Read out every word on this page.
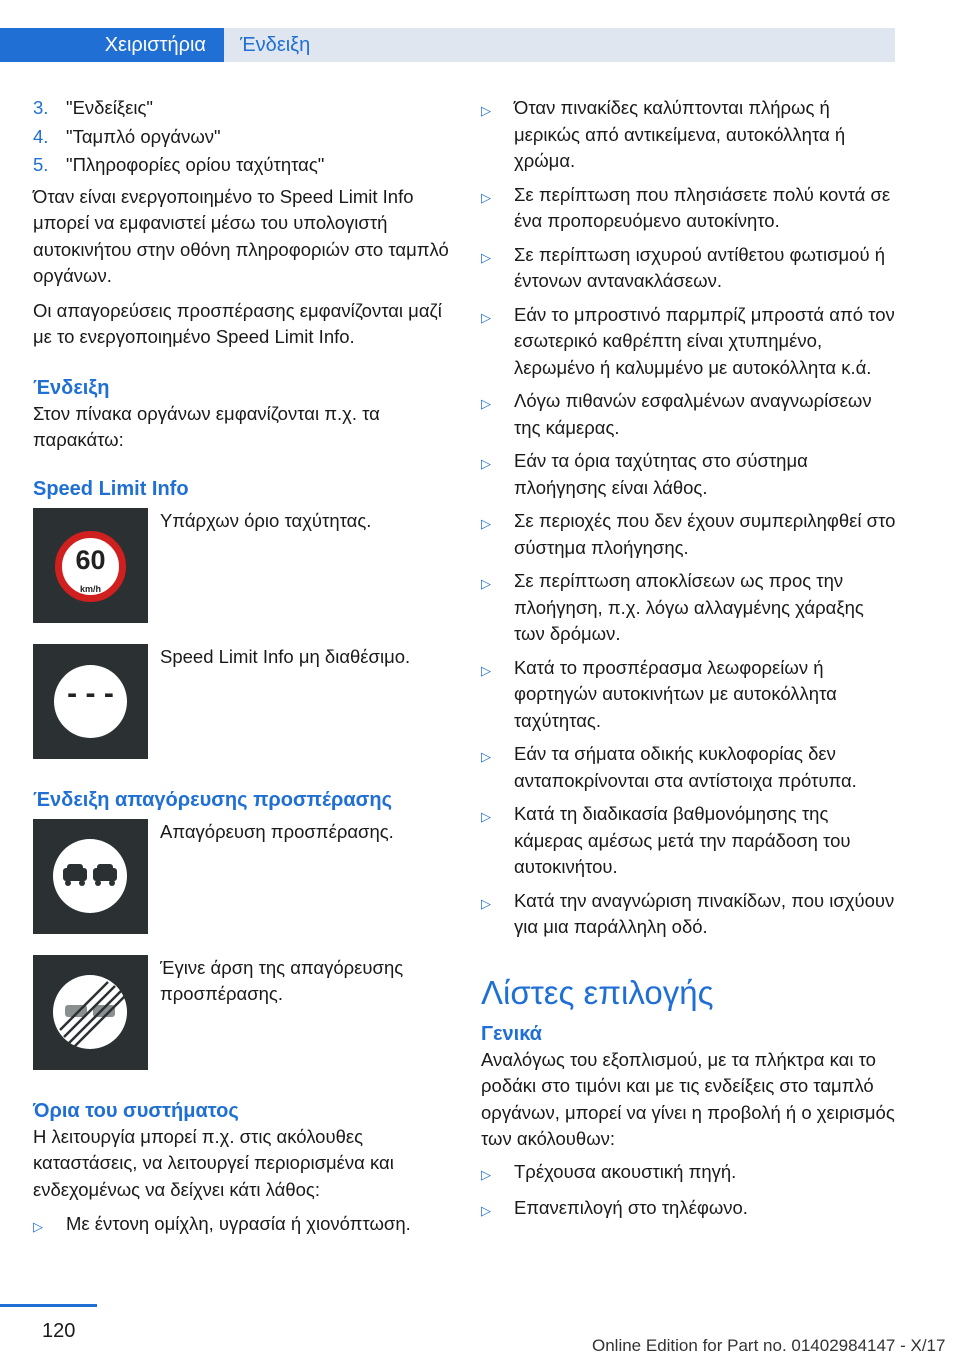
Χειριστήρια	Ένδειξη
3. "Ενδείξεις"
4. "Ταμπλό οργάνων"
5. "Πληροφορίες ορίου ταχύτητας"

Όταν είναι ενεργοποιημένο το Speed Limit Info μπορεί να εμφανιστεί μέσω του υπολογιστή αυτοκινήτου στην οθόνη πληροφοριών στο ταμπλό οργάνων.

Οι απαγορεύσεις προσπέρασης εμφανίζονται μαζί με το ενεργοποιημένο Speed Limit Info.

Ένδειξη

Στον πίνακα οργάνων εμφανίζονται π.χ. τα παρακάτω:

Speed Limit Info
60
km/h
Υπάρχων όριο ταχύτητας.
- - -
Speed Limit Info μη διαθέσιμο.
Ένδειξη απαγόρευσης προσπέρασης
Απαγόρευση προσπέρασης.
Έγινε άρση της απαγόρευσης προσπέρασης.
Όρια του συστήματος

Η λειτουργία μπορεί π.χ. στις ακόλουθες καταστάσεις, να λειτουργεί περιορισμένα και ενδεχομένως να δείχνει κάτι λάθος:

▷	Με έντονη ομίχλη, υγρασία ή χιονόπτωση.
▷	Όταν πινακίδες καλύπτονται πλήρως ή μερικώς από αντικείμενα, αυτοκόλλητα ή χρώμα.
▷	Σε περίπτωση που πλησιάσετε πολύ κοντά σε ένα προπορευόμενο αυτοκίνητο.
▷	Σε περίπτωση ισχυρού αντίθετου φωτισμού ή έντονων αντανακλάσεων.
▷	Εάν το μπροστινό παρμπρίζ μπροστά από τον εσωτερικό καθρέπτη είναι χτυπημένο, λερωμένο ή καλυμμένο με αυτοκόλλητα κ.ά.
▷	Λόγω πιθανών εσφαλμένων αναγνωρίσεων της κάμερας.
▷	Εάν τα όρια ταχύτητας στο σύστημα πλοήγησης είναι λάθος.
▷	Σε περιοχές που δεν έχουν συμπεριληφθεί στο σύστημα πλοήγησης.
▷	Σε περίπτωση αποκλίσεων ως προς την πλοήγηση, π.χ. λόγω αλλαγμένης χάραξης των δρόμων.
▷	Κατά το προσπέρασμα λεωφορείων ή φορτηγών αυτοκινήτων με αυτοκόλλητα ταχύτητας.
▷	Εάν τα σήματα οδικής κυκλοφορίας δεν ανταποκρίνονται στα αντίστοιχα πρότυπα.
▷	Κατά τη διαδικασία βαθμονόμησης της κάμερας αμέσως μετά την παράδοση του αυτοκινήτου.
▷	Κατά την αναγνώριση πινακίδων, που ισχύουν για μια παράλληλη οδό.
Λίστες επιλογής
Γενικά

Αναλόγως του εξοπλισμού, με τα πλήκτρα και το ροδάκι στο τιμόνι και με τις ενδείξεις στο ταμπλό οργάνων, μπορεί να γίνει η προβολή ή ο χειρισμός των ακόλουθων:

▷	Τρέχουσα ακουστική πηγή.
▷	Επανεπιλογή στο τηλέφωνο.
120
Online Edition for Part no. 01402984147 - X/17
